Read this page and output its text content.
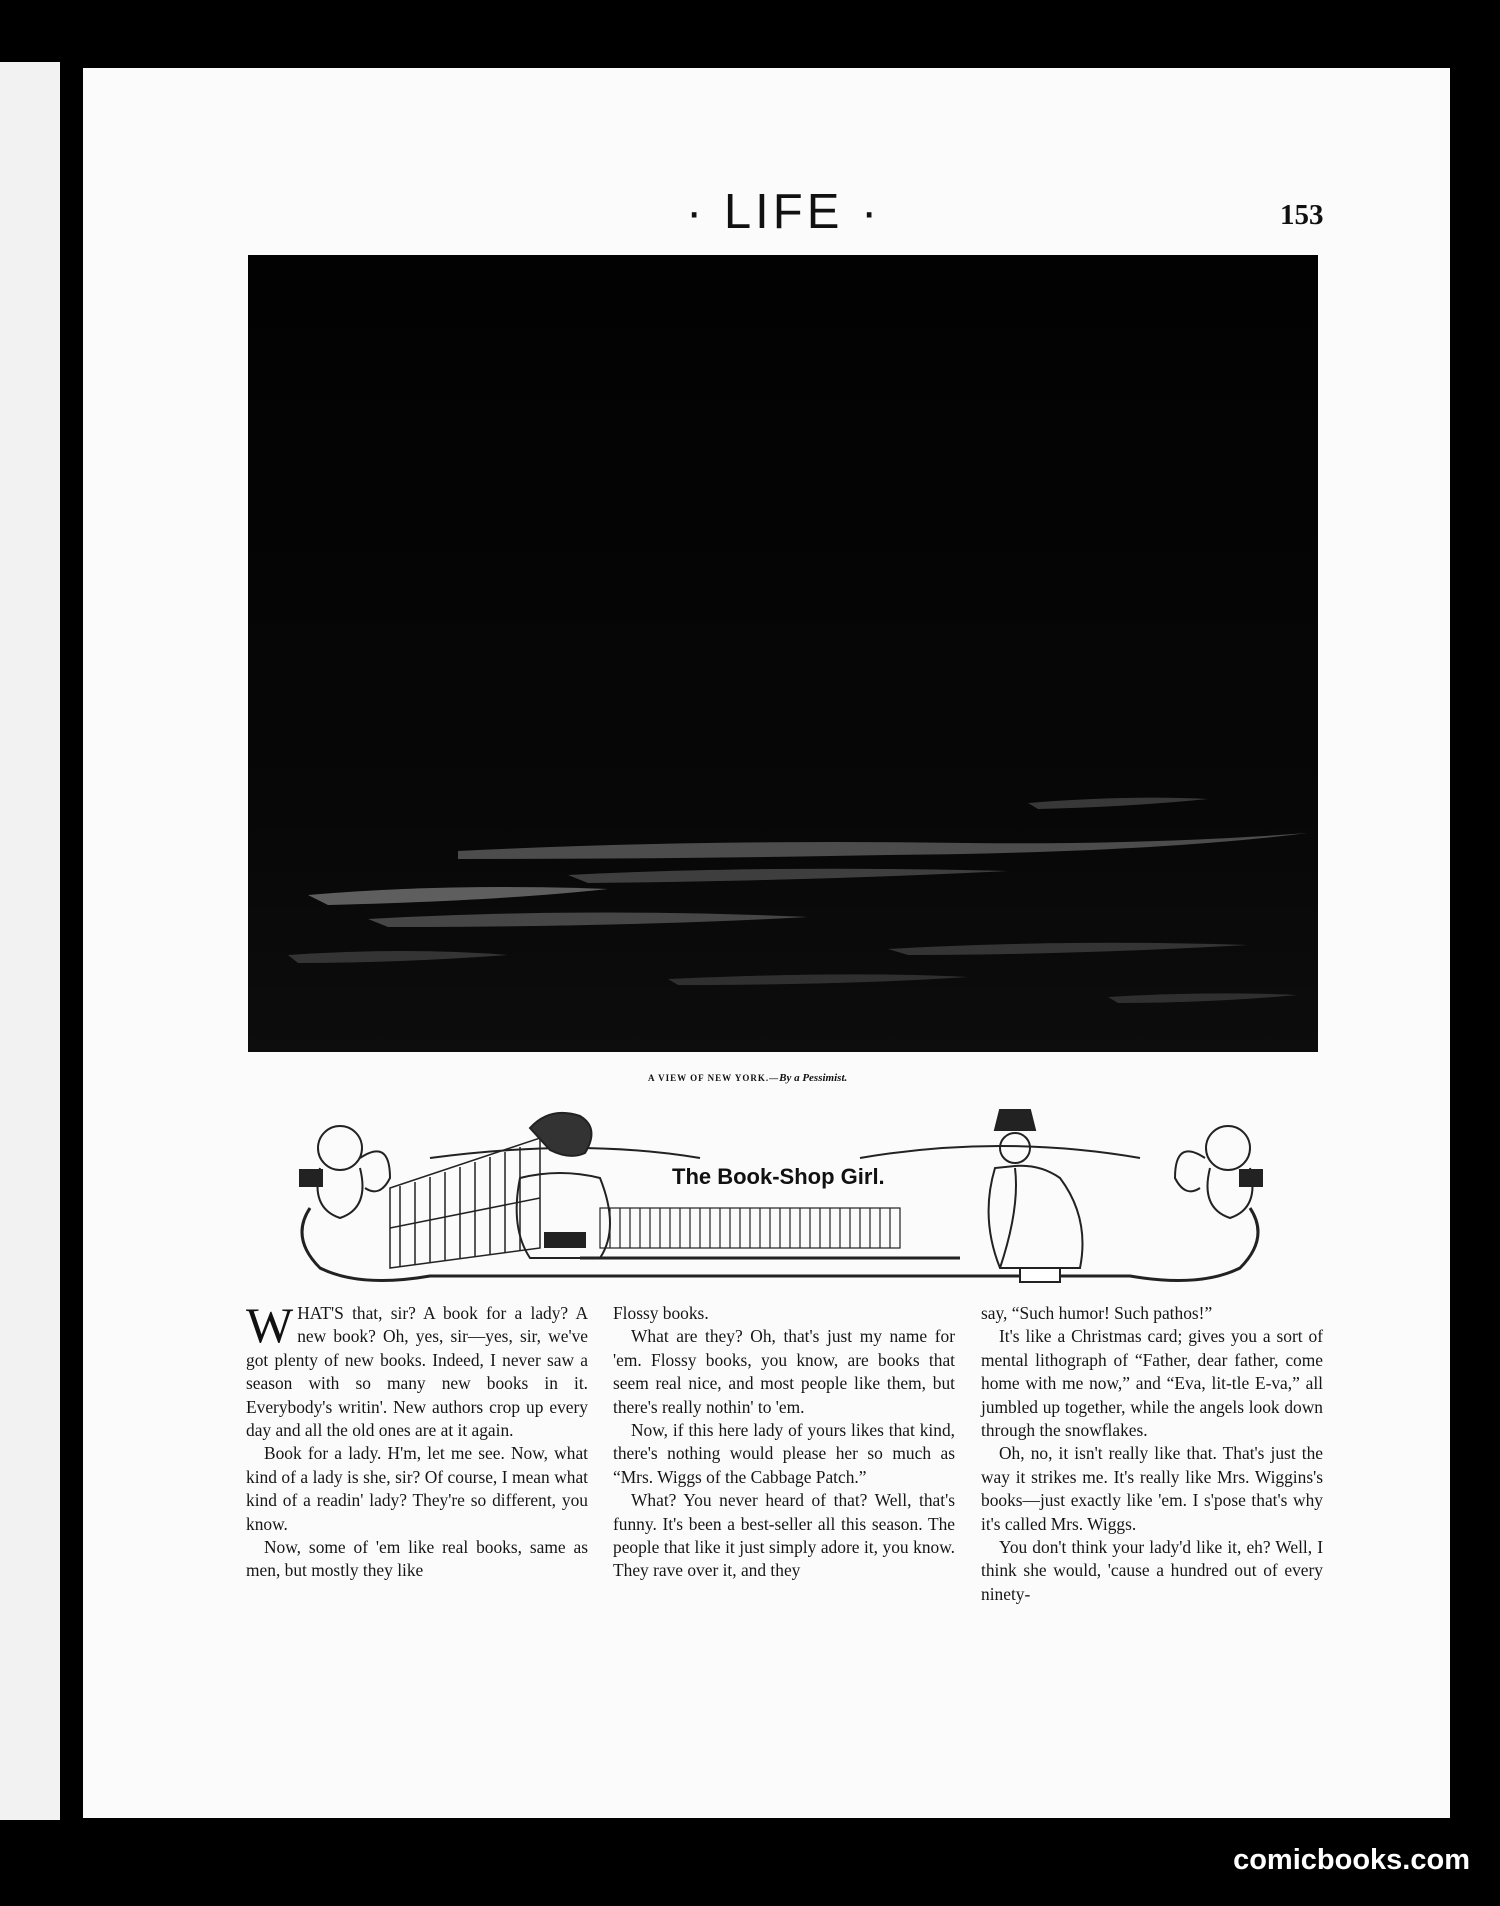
· LIFE ·	153
A VIEW OF NEW YORK.—By a Pessimist.
The Book-Shop Girl.

WHAT'S that, sir? A book for a lady? A new book? Oh, yes, sir—yes, sir, we've got plenty of new books. Indeed, I never saw a season with so many new books in it. Everybody's writin'. New authors crop up every day and all the old ones are at it again.

Book for a lady. H'm, let me see. Now, what kind of a lady is she, sir? Of course, I mean what kind of a readin' lady? They're so different, you know.

Now, some of 'em like real books, same as men, but mostly they like

Flossy books.

What are they? Oh, that's just my name for 'em. Flossy books, you know, are books that seem real nice, and most people like them, but there's really nothin' to 'em.

Now, if this here lady of yours likes that kind, there's nothing would please her so much as “Mrs. Wiggs of the Cabbage Patch.”

What? You never heard of that? Well, that's funny. It's been a best-seller all this season. The people that like it just simply adore it, you know. They rave over it, and they

say, “Such humor! Such pathos!”

It's like a Christmas card; gives you a sort of mental lithograph of “Father, dear father, come home with me now,” and “Eva, lit-tle E-va,” all jumbled up together, while the angels look down through the snowflakes.

Oh, no, it isn't really like that. That's just the way it strikes me. It's really like Mrs. Wiggins's books—just exactly like 'em. I s'pose that's why it's called Mrs. Wiggs.

You don't think your lady'd like it, eh? Well, I think she would, 'cause a hundred out of every ninety-

comicbooks.com
